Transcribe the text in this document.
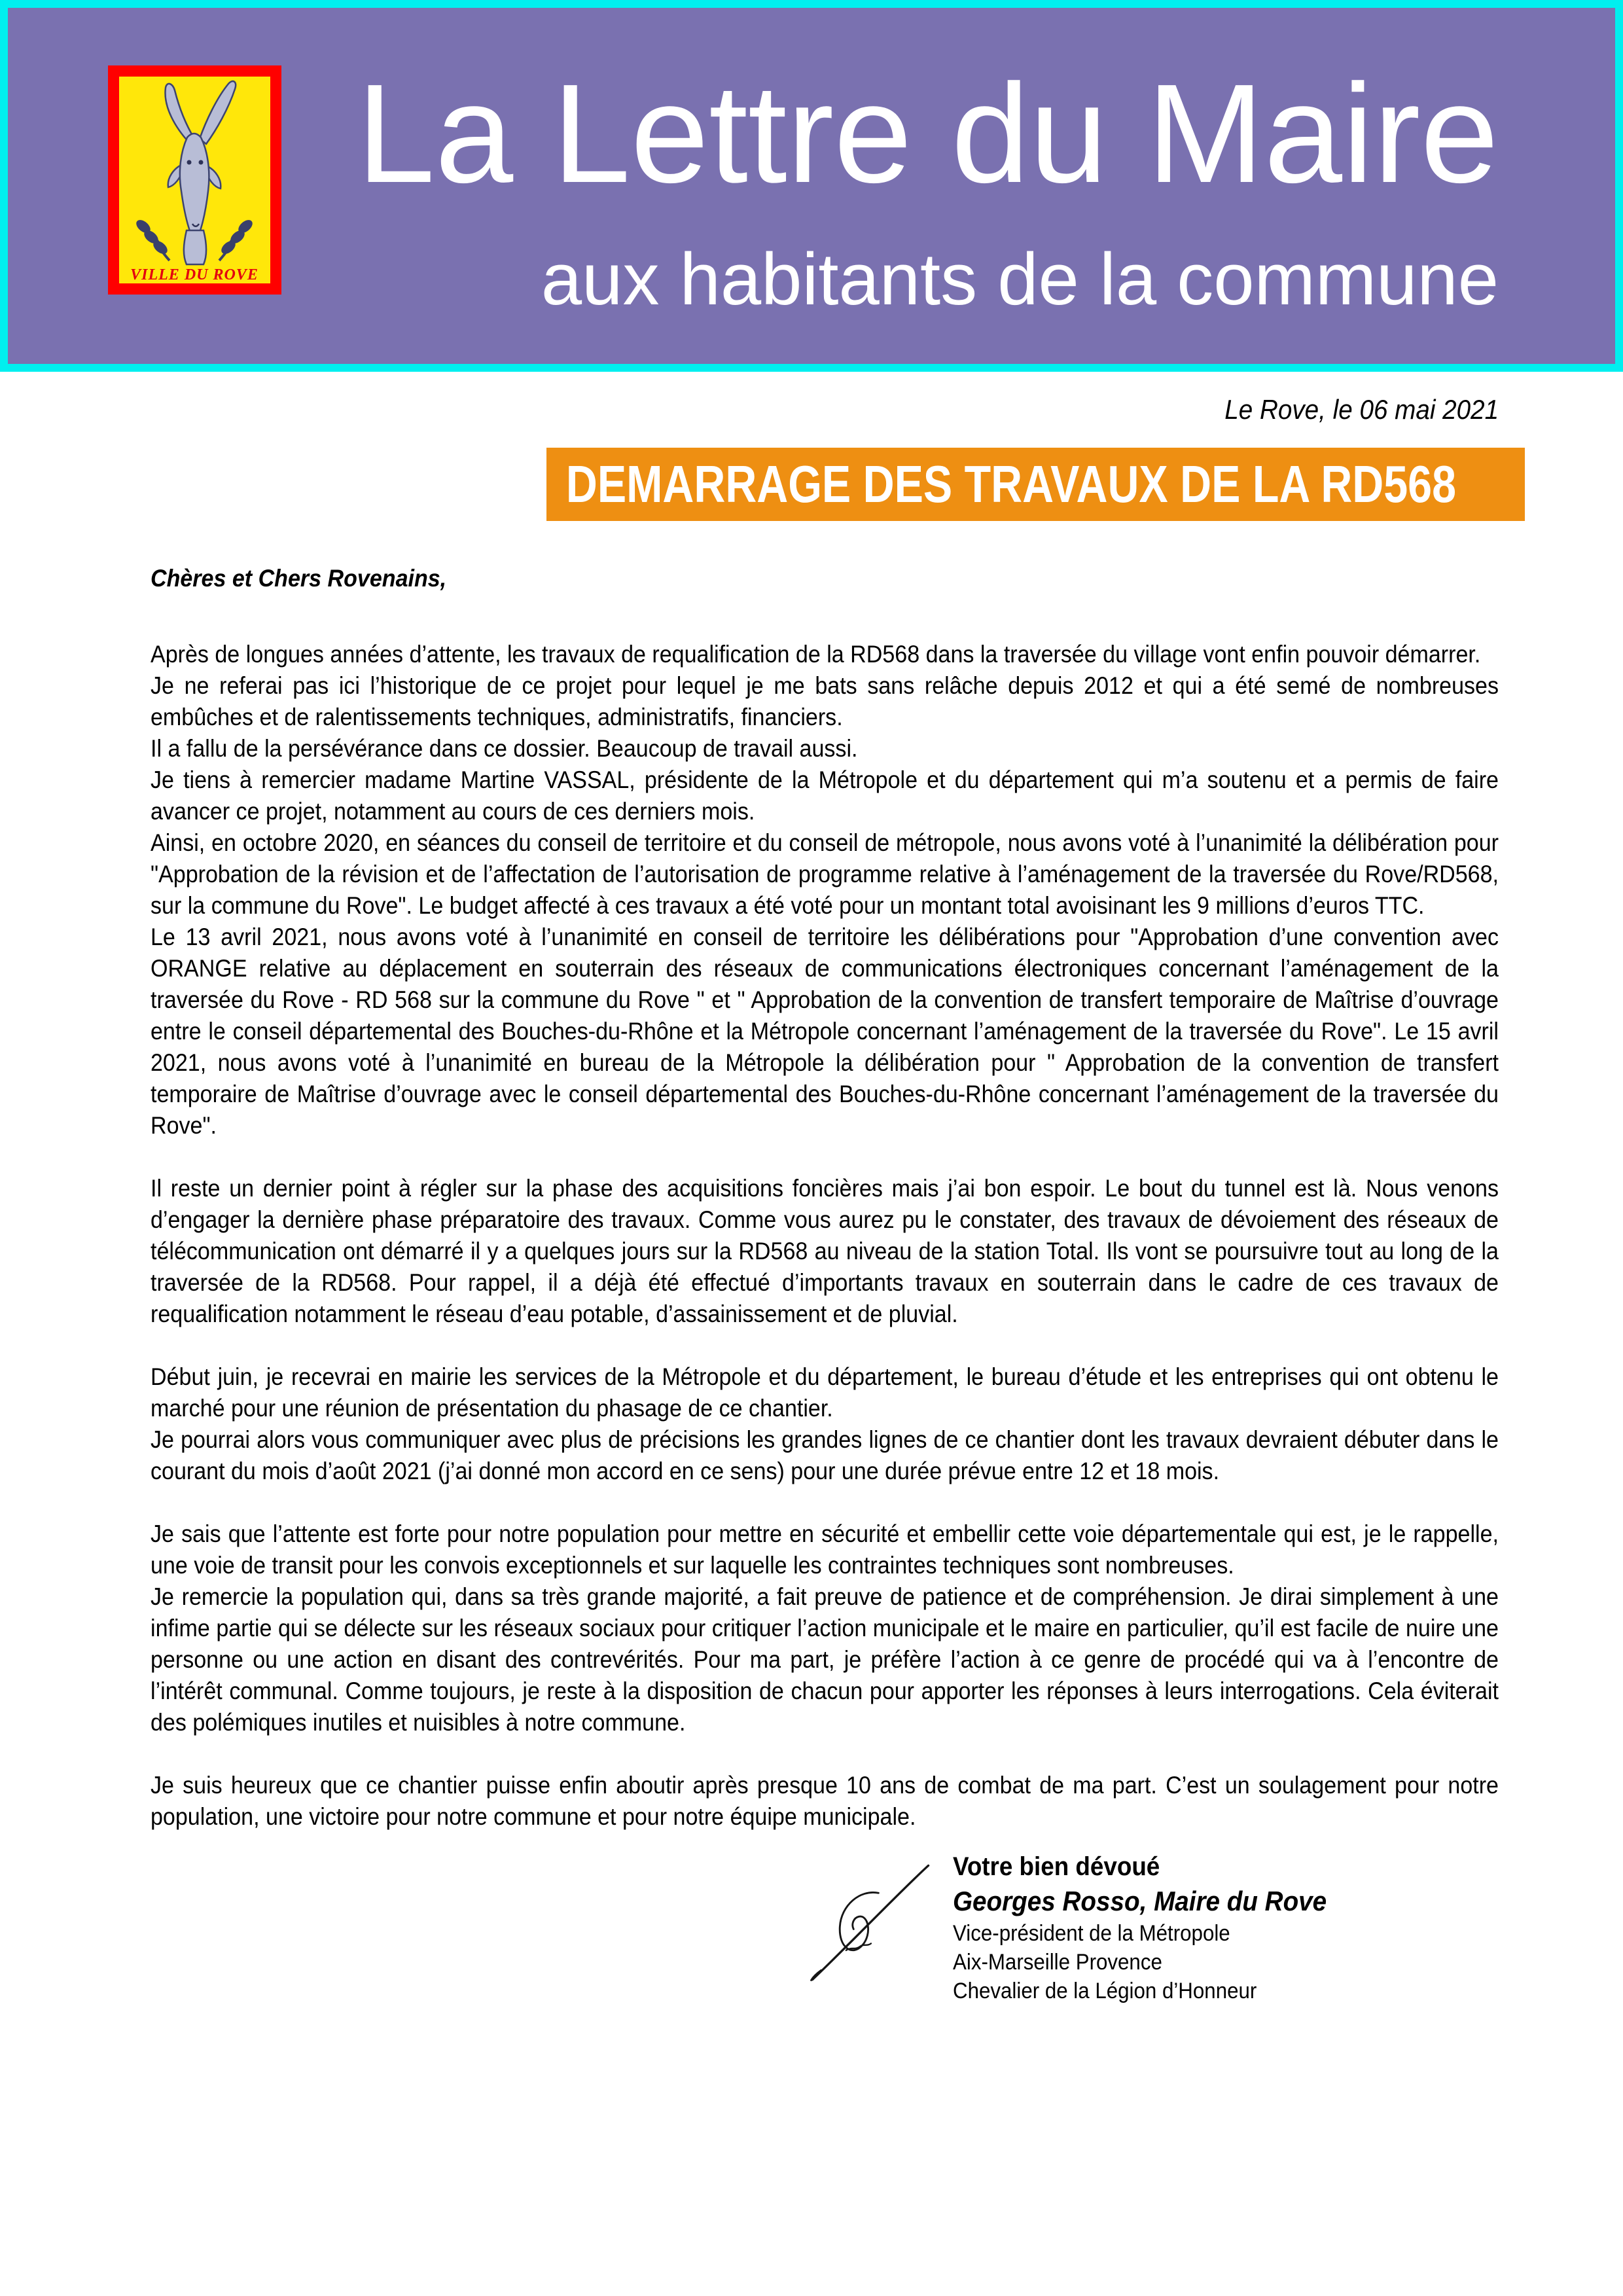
VILLE DU ROVE
La Lettre du Maire
aux habitants de la commune
Le Rove, le 06 mai 2021
DEMARRAGE DES TRAVAUX DE LA RD568
Chères et Chers Rovenains,

Après de longues années d’attente, les travaux de requalification de la RD568 dans la traversée du village vont enfin pouvoir démarrer.

Je ne referai pas ici l’historique de ce projet pour lequel je me bats sans relâche depuis 2012 et qui a été semé de nombreuses embûches et de ralentissements techniques, administratifs, financiers.

Il a fallu de la persévérance dans ce dossier. Beaucoup de travail aussi.

Je tiens à remercier madame Martine VASSAL, présidente de la Métropole et du département qui m’a soutenu et a permis de faire avancer ce projet, notamment au cours de ces derniers mois.

Ainsi, en octobre 2020, en séances du conseil de territoire et du conseil de métropole, nous avons voté à l’unanimité la délibération pour "Approbation de la révision et de l’affectation de l’autorisation de programme relative à l’aménagement de la traversée du Rove/RD568, sur la commune du Rove". Le budget affecté à ces travaux a été voté pour un montant total avoisinant les 9 millions d’euros TTC.

Le 13 avril 2021, nous avons voté à l’unanimité en conseil de territoire les délibérations pour "Approbation d’une convention avec ORANGE relative au déplacement en souterrain des réseaux de communications électroniques concernant l’aménagement de la traversée du Rove - RD 568 sur la commune du Rove " et " Approbation de la convention de transfert temporaire de Maîtrise d’ouvrage entre le conseil départemental des Bouches-du-Rhône et la Métropole concernant l’aménagement de la traversée du Rove". Le 15 avril 2021, nous avons voté à l’unanimité en bureau de la Métropole la délibération pour " Approbation de la convention de transfert temporaire de Maîtrise d’ouvrage avec le conseil départemental des Bouches-du-Rhône concernant l’aménagement de la traversée du Rove".

Il reste un dernier point à régler sur la phase des acquisitions foncières mais j’ai bon espoir. Le bout du tunnel est là. Nous venons d’engager la dernière phase préparatoire des travaux. Comme vous aurez pu le constater, des travaux de dévoiement des réseaux de télécommunication ont démarré il y a quelques jours sur la RD568 au niveau de la station Total. Ils vont se poursuivre tout au long de la traversée de la RD568. Pour rappel, il a déjà été effectué d’importants travaux en souterrain dans le cadre de ces travaux de requalification notamment le réseau d’eau potable, d’assainissement et de pluvial.

Début juin, je recevrai en mairie les services de la Métropole et du département, le bureau d’étude et les entreprises qui ont obtenu le marché pour une réunion de présentation du phasage de ce chantier.

Je pourrai alors vous communiquer avec plus de précisions les grandes lignes de ce chantier dont les travaux devraient débuter dans le courant du mois d’août 2021 (j’ai donné mon accord en ce sens) pour une durée prévue entre 12 et 18 mois.

Je sais que l’attente est forte pour notre population pour mettre en sécurité et embellir cette voie départementale qui est, je le rappelle, une voie de transit pour les convois exceptionnels et sur laquelle les contraintes techniques sont nombreuses.

Je remercie la population qui, dans sa très grande majorité, a fait preuve de patience et de compréhension. Je dirai simplement à une infime partie qui se délecte sur les réseaux sociaux pour critiquer l’action municipale et le maire en particulier, qu’il est facile de nuire une personne ou une action en disant des contrevérités. Pour ma part, je préfère l’action à ce genre de procédé qui va à l’encontre de l’intérêt communal. Comme toujours, je reste à la disposition de chacun pour apporter les réponses à leurs interrogations. Cela éviterait des polémiques inutiles et nuisibles à notre commune.

Je suis heureux que ce chantier puisse enfin aboutir après presque 10 ans de combat de ma part. C’est un soulagement pour notre population, une victoire pour notre commune et pour notre équipe municipale.

Votre bien dévoué
Georges Rosso, Maire du Rove
Vice-président de la Métropole
Aix-Marseille Provence
Chevalier de la Légion d’Honneur
